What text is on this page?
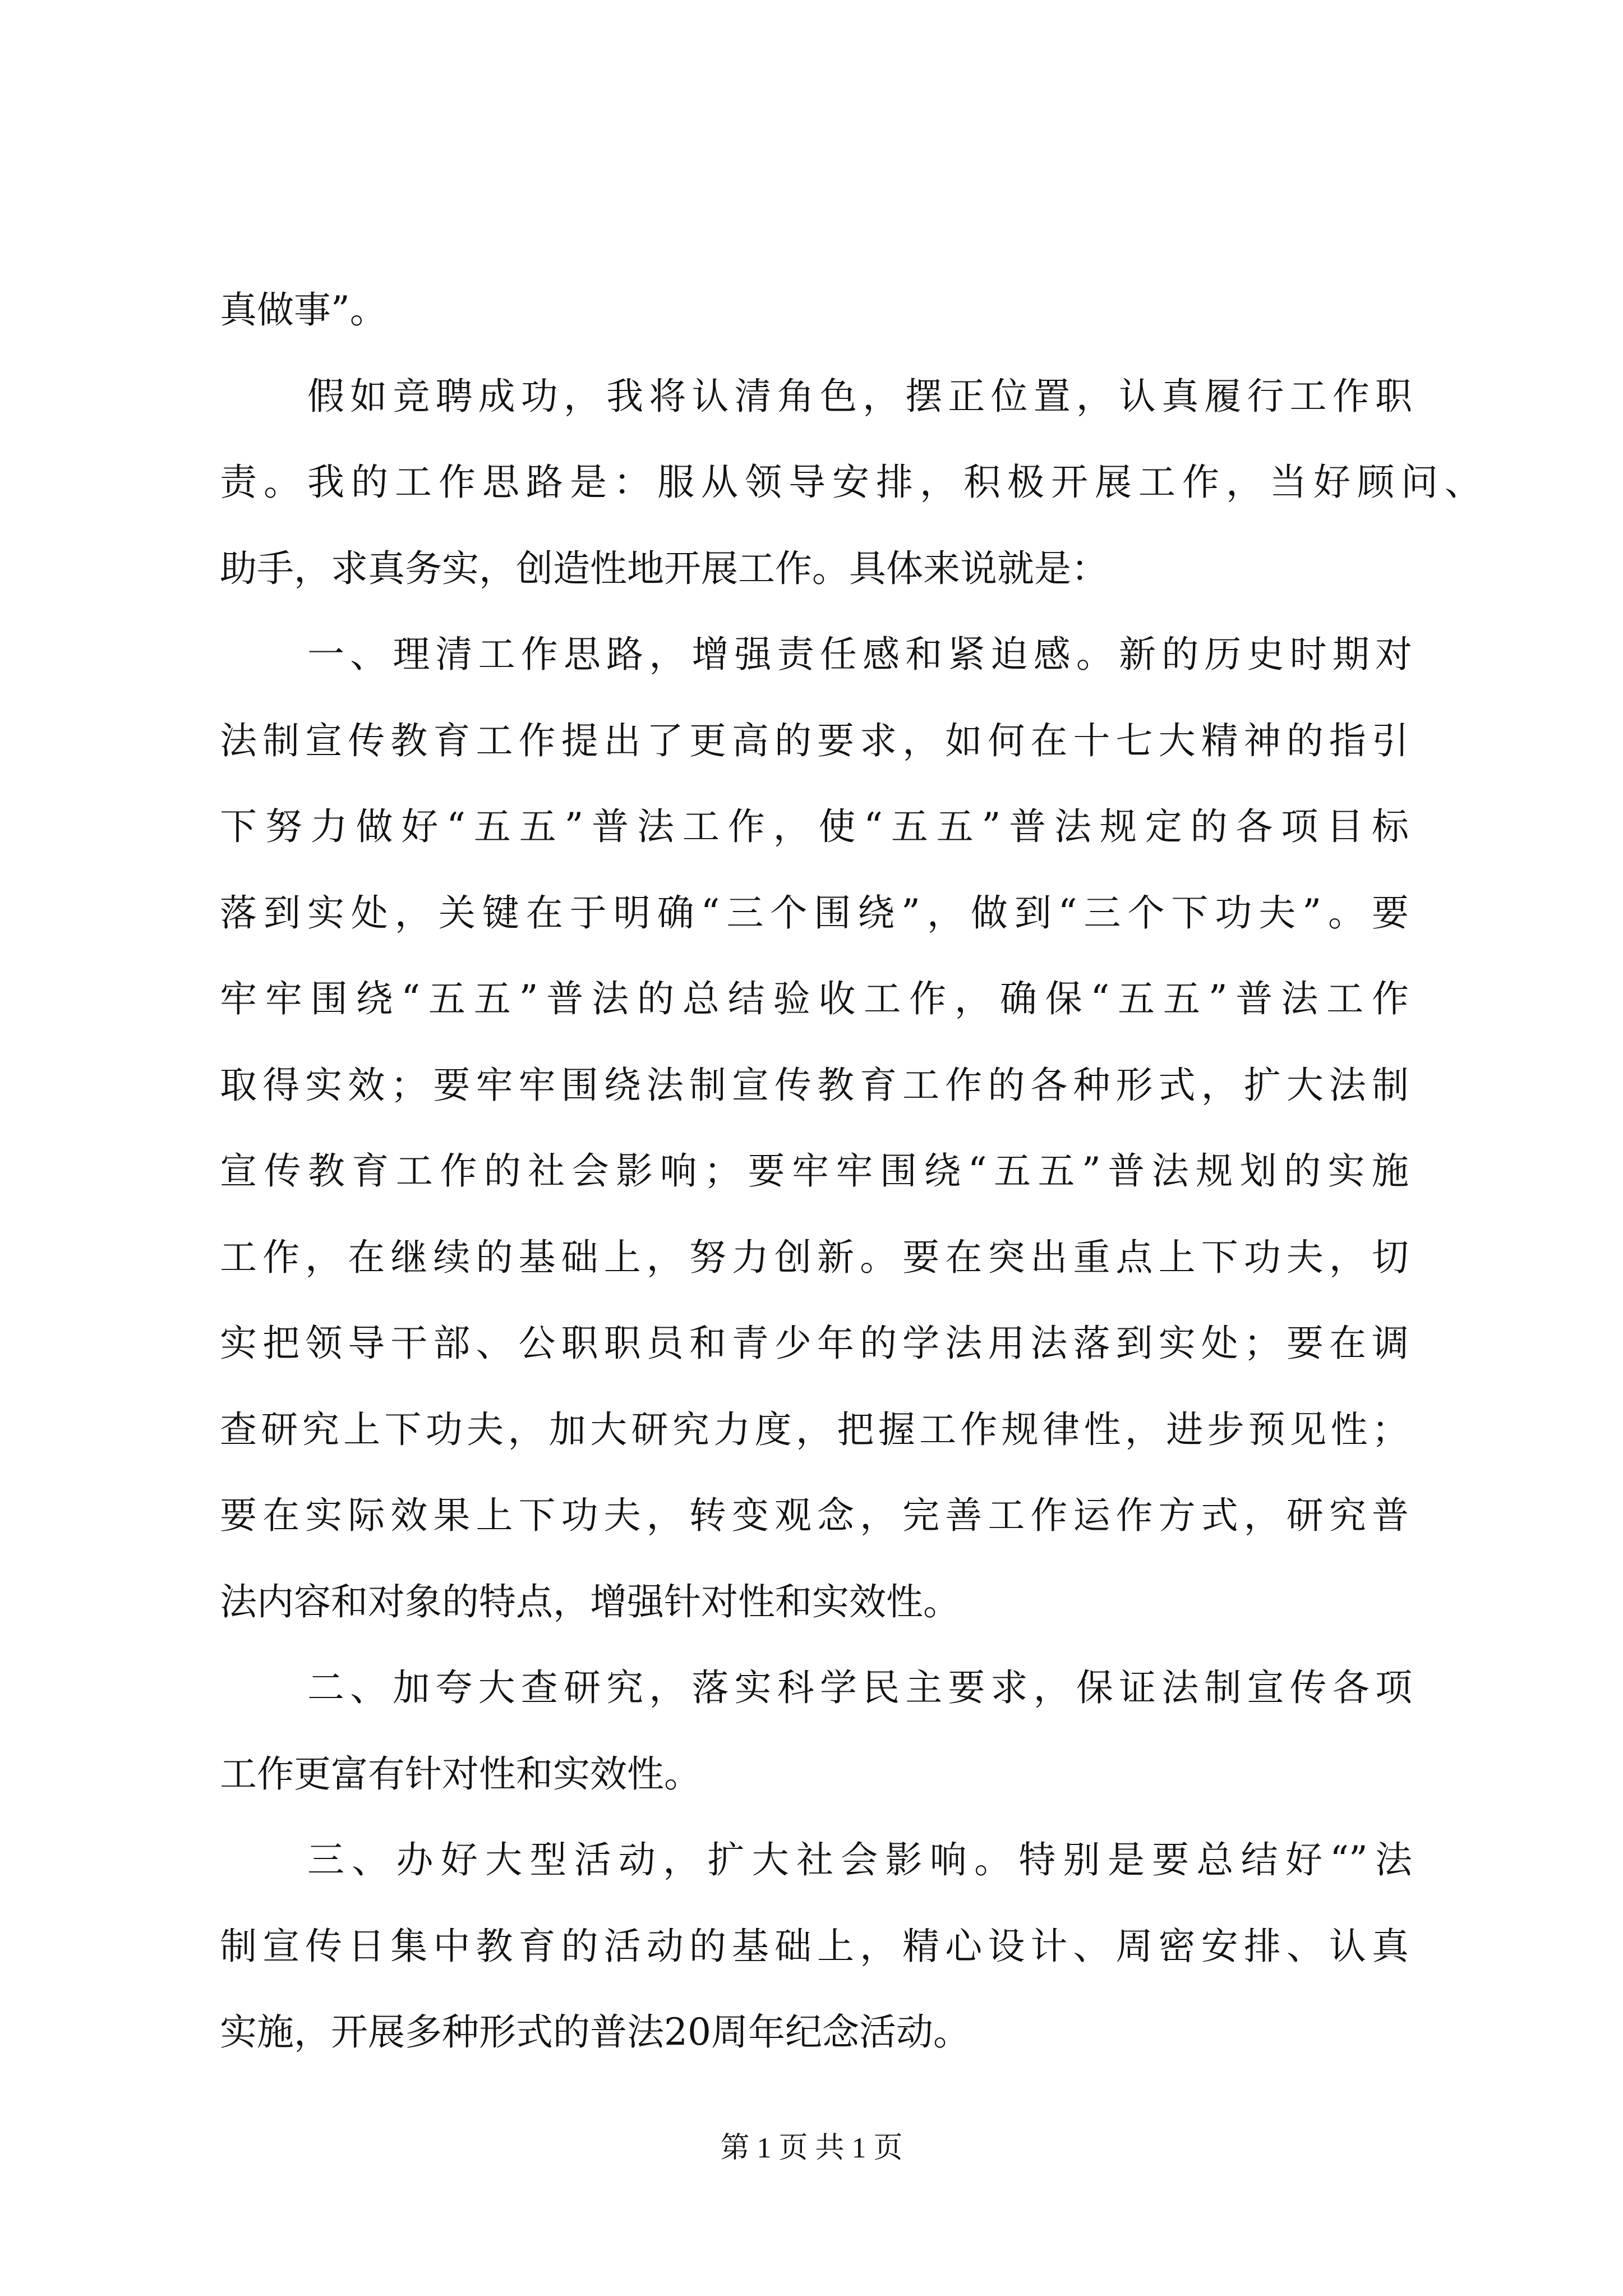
真做事”。
假如竞聘成功，我将认清角色，摆正位置，认真履行工作职
责。我的工作思路是：服从领导安排，积极开展工作，当好顾问、
助手，求真务实，创造性地开展工作。具体来说就是：
一、理清工作思路，增强责任感和紧迫感。新的历史时期对
法制宣传教育工作提出了更高的要求，如何在十七大精神的指引
下努力做好“五五”普法工作，使“五五”普法规定的各项目标
落到实处，关键在于明确“三个围绕”，做到“三个下功夫”。要
牢牢围绕“五五”普法的总结验收工作，确保“五五”普法工作
取得实效；要牢牢围绕法制宣传教育工作的各种形式，扩大法制
宣传教育工作的社会影响；要牢牢围绕“五五”普法规划的实施
工作，在继续的基础上，努力创新。要在突出重点上下功夫，切
实把领导干部、公职职员和青少年的学法用法落到实处；要在调
查研究上下功夫，加大研究力度，把握工作规律性，进步预见性；
要在实际效果上下功夫，转变观念，完善工作运作方式，研究普
法内容和对象的特点，增强针对性和实效性。
二、加夸大查研究，落实科学民主要求，保证法制宣传各项
工作更富有针对性和实效性。
三、办好大型活动，扩大社会影响。特别是要总结好“”法
制宣传日集中教育的活动的基础上，精心设计、周密安排、认真
实施，开展多种形式的普法20周年纪念活动。
第 1 页 共 1 页
